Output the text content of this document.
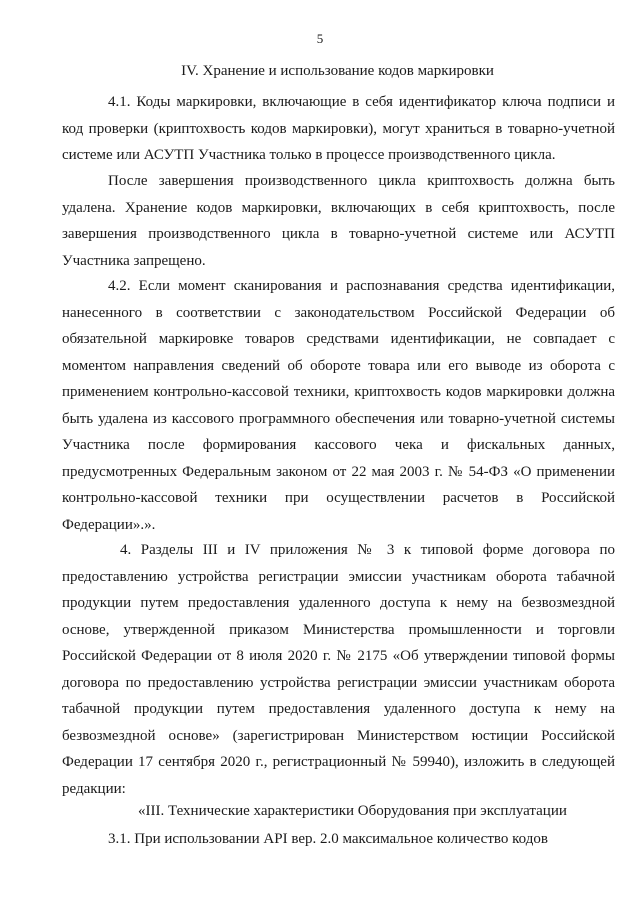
5
IV. Хранение и использование кодов маркировки
4.1. Коды маркировки, включающие в себя идентификатор ключа подписи и код проверки (криптохвость кодов маркировки), могут храниться в товарно-учетной системе или АСУТП Участника только в процессе производственного цикла.
После завершения производственного цикла криптохвость должна быть удалена. Хранение кодов маркировки, включающих в себя криптохвость, после завершения производственного цикла в товарно-учетной системе или АСУТП Участника запрещено.
4.2. Если момент сканирования и распознавания средства идентификации, нанесенного в соответствии с законодательством Российской Федерации об обязательной маркировке товаров средствами идентификации, не совпадает с моментом направления сведений об обороте товара или его выводе из оборота с применением контрольно-кассовой техники, криптохвость кодов маркировки должна быть удалена из кассового программного обеспечения или товарно-учетной системы Участника после формирования кассового чека и фискальных данных, предусмотренных Федеральным законом от 22 мая 2003 г. № 54-ФЗ «О применении контрольно-кассовой техники при осуществлении расчетов в Российской Федерации».».
4. Разделы III и IV приложения № 3 к типовой форме договора по предоставлению устройства регистрации эмиссии участникам оборота табачной продукции путем предоставления удаленного доступа к нему на безвозмездной основе, утвержденной приказом Министерства промышленности и торговли Российской Федерации от 8 июля 2020 г. № 2175 «Об утверждении типовой формы договора по предоставлению устройства регистрации эмиссии участникам оборота табачной продукции путем предоставления удаленного доступа к нему на безвозмездной основе» (зарегистрирован Министерством юстиции Российской Федерации 17 сентября 2020 г., регистрационный № 59940), изложить в следующей редакции:
«III. Технические характеристики Оборудования при эксплуатации
3.1. При использовании API вер. 2.0 максимальное количество кодов
